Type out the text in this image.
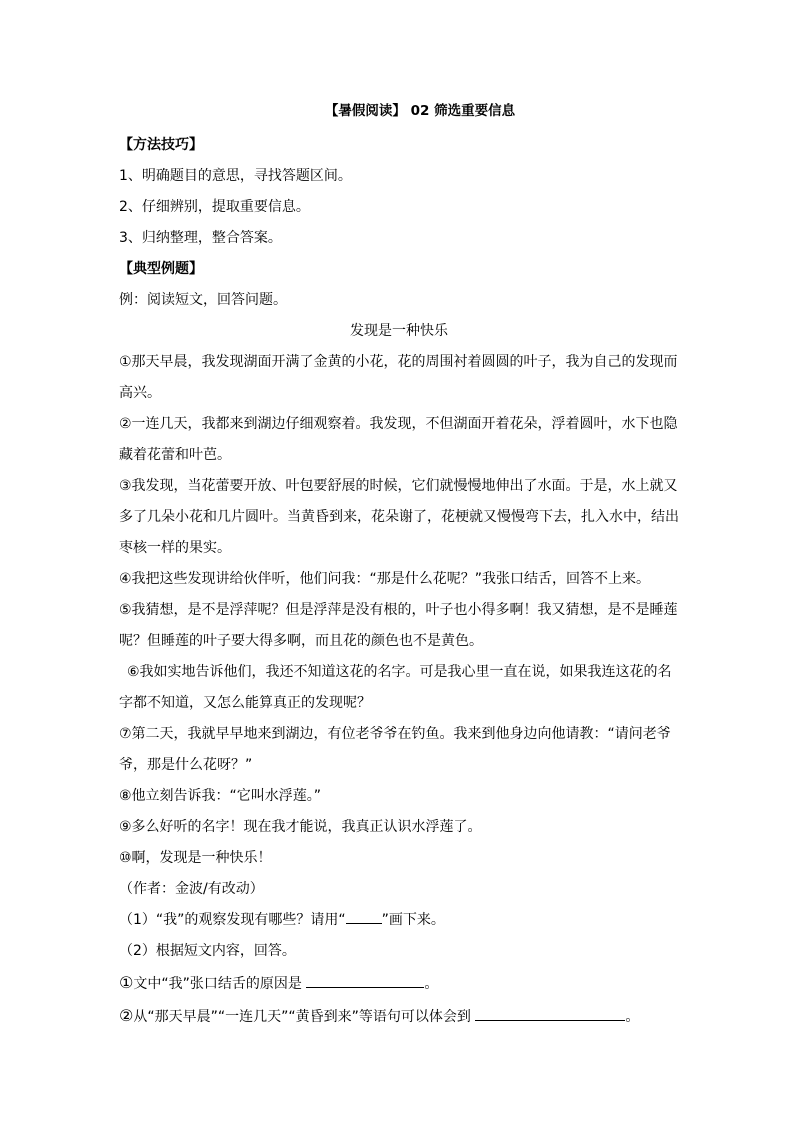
【暑假阅读】 02 筛选重要信息
【方法技巧】
1、明确题目的意思，寻找答题区间。
2、仔细辨别，提取重要信息。
3、归纳整理，整合答案。
【典型例题】
例：阅读短文，回答问题。
发现是一种快乐
①那天早晨，我发现湖面开满了金黄的小花，花的周围衬着圆圆的叶子，我为自己的发现而
高兴。
②一连几天，我都来到湖边仔细观察着。我发现，不但湖面开着花朵，浮着圆叶，水下也隐
藏着花蕾和叶芭。
③我发现，当花蕾要开放、叶包要舒展的时候，它们就慢慢地伸出了水面。于是，水上就又
多了几朵小花和几片圆叶。当黄昏到来，花朵谢了，花梗就又慢慢弯下去，扎入水中，结出
枣核一样的果实。
④我把这些发现讲给伙伴听，他们问我：“那是什么花呢？”我张口结舌，回答不上来。
⑤我猜想，是不是浮萍呢？但是浮萍是没有根的，叶子也小得多啊！我又猜想，是不是睡莲
呢？但睡莲的叶子要大得多啊，而且花的颜色也不是黄色。
⑥我如实地告诉他们，我还不知道这花的名字。可是我心里一直在说，如果我连这花的名
字都不知道，又怎么能算真正的发现呢？
⑦第二天，我就早早地来到湖边，有位老爷爷在钓鱼。我来到他身边向他请教：“请问老爷
爷，那是什么花呀？”
⑧他立刻告诉我：“它叫水浮莲。”
⑨多么好听的名字！现在我才能说，我真正认识水浮莲了。
⑩啊，发现是一种快乐！
（作者：金波/有改动）
（1）“我”的观察发现有哪些？请用“	”画下来。
（2）根据短文内容，回答。
①文中“我”张口结舌的原因是	。
②从“那天早晨”“一连几天”“黄昏到来”等语句可以体会到	。
